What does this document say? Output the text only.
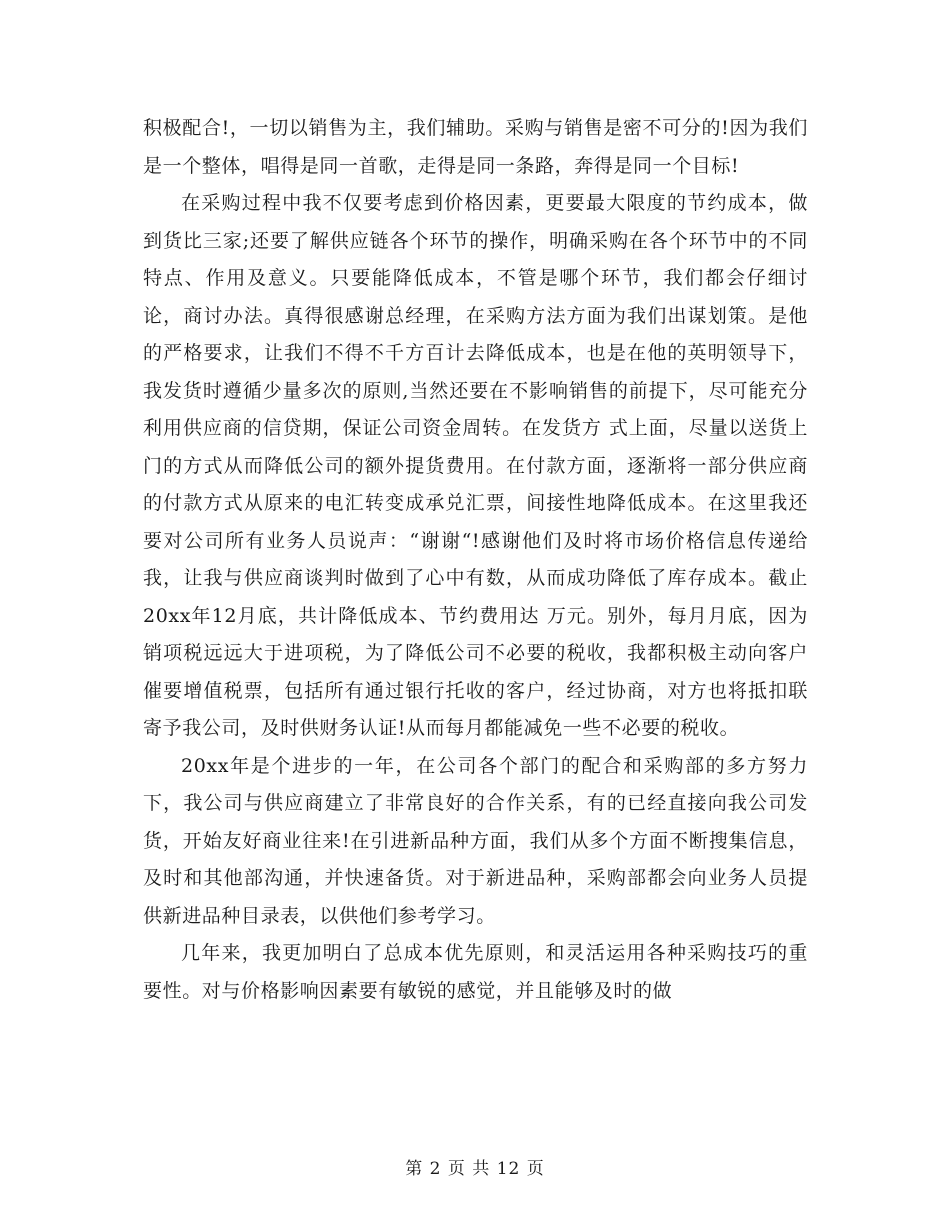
积极配合!，一切以销售为主，我们辅助。采购与销售是密不可分的!因为我们是一个整体，唱得是同一首歌，走得是同一条路，奔得是同一个目标!

在采购过程中我不仅要考虑到价格因素，更要最大限度的节约成本，做到货比三家;还要了解供应链各个环节的操作，明确采购在各个环节中的不同特点、作用及意义。只要能降低成本，不管是哪个环节，我们都会仔细讨论，商讨办法。真得很感谢总经理，在采购方法方面为我们出谋划策。是他的严格要求，让我们不得不千方百计去降低成本，也是在他的英明领导下，我发货时遵循少量多次的原则,当然还要在不影响销售的前提下，尽可能充分利用供应商的信贷期，保证公司资金周转。在发货方 式上面，尽量以送货上门的方式从而降低公司的额外提货费用。在付款方面，逐渐将一部分供应商的付款方式从原来的电汇转变成承兑汇票，间接性地降低成本。在这里我还要对公司所有业务人员说声：“谢谢“!感谢他们及时将市场价格信息传递给我，让我与供应商谈判时做到了心中有数，从而成功降低了库存成本。截止20xx年12月底，共计降低成本、节约费用达 万元。别外，每月月底，因为销项税远远大于进项税，为了降低公司不必要的税收，我都积极主动向客户催要增值税票，包括所有通过银行托收的客户，经过协商，对方也将抵扣联寄予我公司，及时供财务认证!从而每月都能减免一些不必要的税收。

20xx年是个进步的一年，在公司各个部门的配合和采购部的多方努力下，我公司与供应商建立了非常良好的合作关系，有的已经直接向我公司发货，开始友好商业往来!在引进新品种方面，我们从多个方面不断搜集信息，及时和其他部沟通，并快速备货。对于新进品种，采购部都会向业务人员提供新进品种目录表，以供他们参考学习。

几年来，我更加明白了总成本优先原则，和灵活运用各种采购技巧的重要性。对与价格影响因素要有敏锐的感觉，并且能够及时的做

第 2 页 共 12 页
